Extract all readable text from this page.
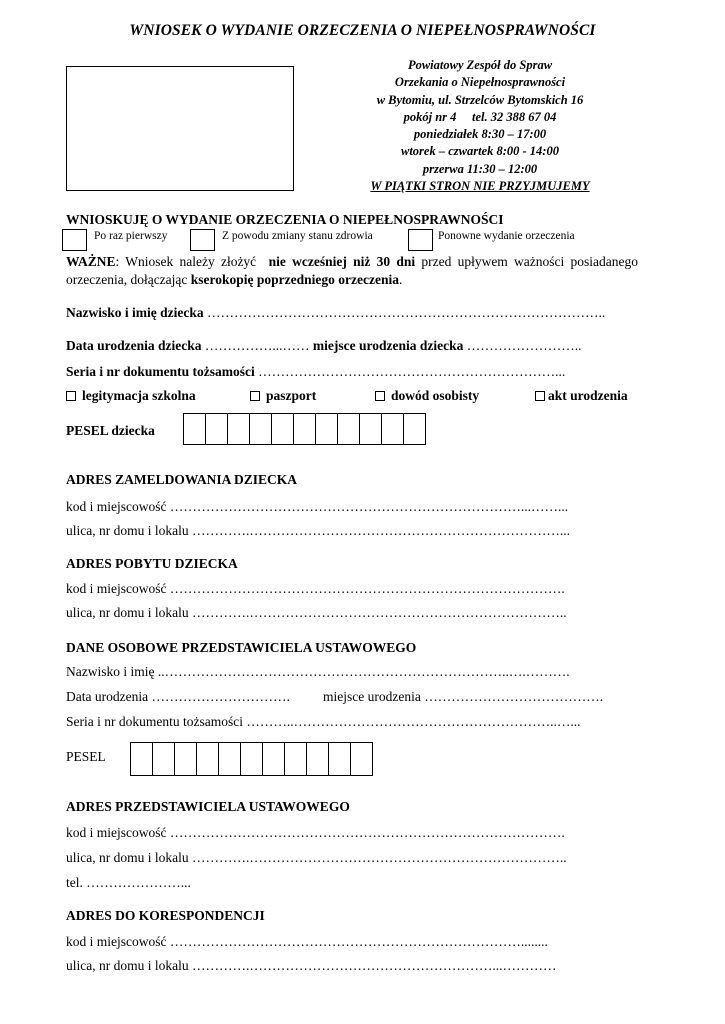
WNIOSEK O WYDANIE ORZECZENIA O NIEPEŁNOSPRAWNOŚCI
Powiatowy Zespół do Spraw
Orzekania o Niepełnosprawności
w Bytomiu, ul. Strzelców Bytomskich 16
pokój nr 4     tel. 32 388 67 04
poniedziałek 8:30 – 17:00
wtorek – czwartek 8:00 - 14:00
przerwa 11:30 – 12:00
W PIĄTKI STRON NIE PRZYJMUJEMY
WNIOSKUJĘ O WYDANIE ORZECZENIA O NIEPEŁNOSPRAWNOŚCI
Po raz pierwszy	Z powodu zmiany stanu zdrowia	Ponowne wydanie orzeczenia
WAŻNE: Wniosek należy złożyć  nie wcześniej niż 30 dni przed upływem ważności posiadanego orzeczenia, dołączając kserokopię poprzedniego orzeczenia.
Nazwisko i imię dziecka ……………………………………………………………………………..
Data urodzenia dziecka ……………...…… miejsce urodzenia dziecka ……………………..
Seria i nr dokumentu tożsamości …………………………………………………………...
legitymacja szkolna	paszport	dowód osobisty	akt urodzenia
PESEL dziecka
ADRES ZAMELDOWANIA DZIECKA
kod i miejscowość ……………………………………………………………………...……...
ulica, nr domu i lokalu ………….……………………………………………………………...
ADRES POBYTU DZIECKA
kod i miejscowość …………………………………………………………………………….
ulica, nr domu i lokalu ………….……………………………………………………………..
DANE OSOBOWE PRZEDSTAWICIELA USTAWOWEGO
Nazwisko i imię ..…………………………………………………………………..….……….
Data urodzenia …………………………. miejsce urodzenia ………………………………….
Seria i nr dokumentu tożsamości ………..…………………………………………………..…...
PESEL
ADRES PRZEDSTAWICIELA USTAWOWEGO
kod i miejscowość …………………………………………………………………………….
ulica, nr domu i lokalu ………….……………………………………………………………..
tel. …………………...
ADRES DO KORESPONDENCJI
kod i miejscowość ……………………………………………………………………........
ulica, nr domu i lokalu ………….………………………………………………...…………
